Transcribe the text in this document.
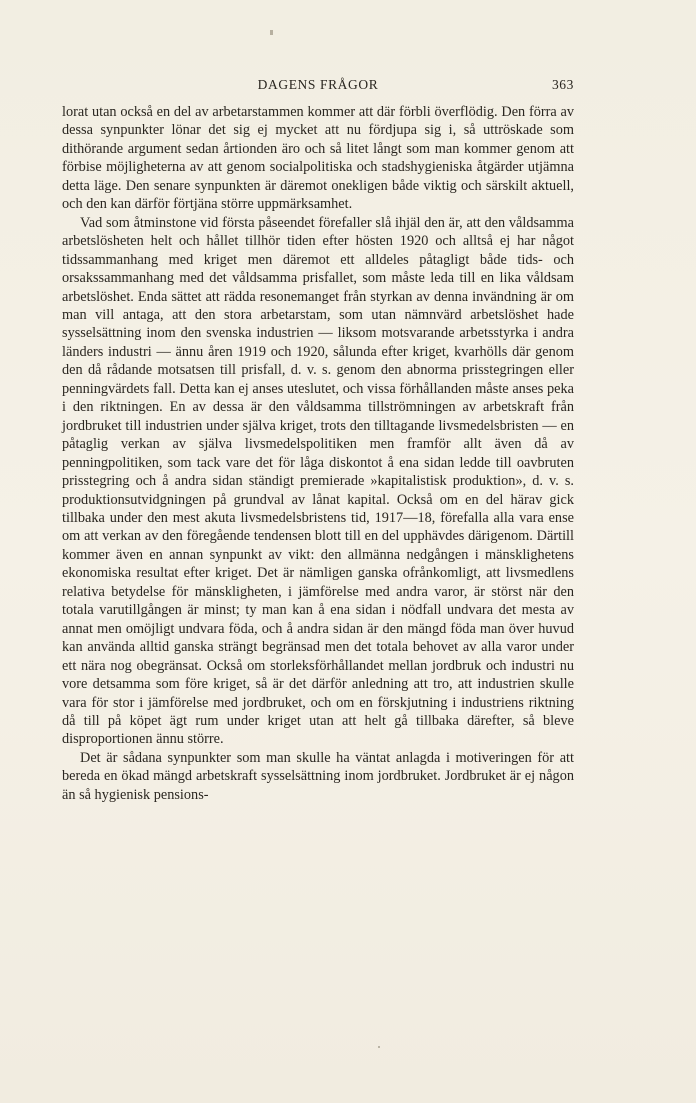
DAGENS FRÅGOR	363

lorat utan också en del av arbetarstammen kommer att där förbli överflödig. Den förra av dessa synpunkter lönar det sig ej mycket att nu fördjupa sig i, så uttröskade som dithörande argument sedan årtionden äro och så litet långt som man kommer genom att förbise möjligheterna av att genom socialpolitiska och stadshygieniska åtgärder utjämna detta läge. Den senare synpunkten är däremot onekligen både viktig och särskilt aktuell, och den kan därför förtjäna större uppmärksamhet.

Vad som åtminstone vid första påseendet förefaller slå ihjäl den är, att den våldsamma arbetslösheten helt och hållet tillhör tiden efter hösten 1920 och alltså ej har något tidssammanhang med kriget men däremot ett alldeles påtagligt både tids- och orsakssammanhang med det våldsamma prisfallet, som måste leda till en lika våldsam arbetslöshet. Enda sättet att rädda resonemanget från styrkan av denna invändning är om man vill antaga, att den stora arbetarstam, som utan nämnvärd arbetslöshet hade sysselsättning inom den svenska industrien — liksom motsvarande arbetsstyrka i andra länders industri — ännu åren 1919 och 1920, sålunda efter kriget, kvarhölls där genom den då rådande motsatsen till prisfall, d. v. s. genom den abnorma prisstegringen eller penningvärdets fall. Detta kan ej anses uteslutet, och vissa förhållanden måste anses peka i den riktningen. En av dessa är den våldsamma tillströmningen av arbetskraft från jordbruket till industrien under själva kriget, trots den tilltagande livsmedelsbristen — en påtaglig verkan av själva livsmedelspolitiken men framför allt även då av penningpolitiken, som tack vare det för låga diskontot å ena sidan ledde till oavbruten prisstegring och å andra sidan ständigt premierade »kapitalistisk produktion», d. v. s. produktionsutvidgningen på grundval av lånat kapital. Också om en del härav gick tillbaka under den mest akuta livsmedelsbristens tid, 1917—18, förefalla alla vara ense om att verkan av den föregående tendensen blott till en del upphävdes därigenom. Därtill kommer även en annan synpunkt av vikt: den allmänna nedgången i mänsklighetens ekonomiska resultat efter kriget. Det är nämligen ganska ofrånkomligt, att livsmedlens relativa betydelse för mänskligheten, i jämförelse med andra varor, är störst när den totala varutillgången är minst; ty man kan å ena sidan i nödfall undvara det mesta av annat men omöjligt undvara föda, och å andra sidan är den mängd föda man över huvud kan använda alltid ganska strängt begränsad men det totala behovet av alla varor under ett nära nog obegränsat. Också om storleksförhållandet mellan jordbruk och industri nu vore detsamma som före kriget, så är det därför anledning att tro, att industrien skulle vara för stor i jämförelse med jordbruket, och om en förskjutning i industriens riktning då till på köpet ägt rum under kriget utan att helt gå tillbaka därefter, så bleve disproportionen ännu större.

Det är sådana synpunkter som man skulle ha väntat anlagda i motiveringen för att bereda en ökad mängd arbetskraft sysselsättning inom jordbruket. Jordbruket är ej någon än så hygienisk pensions-
